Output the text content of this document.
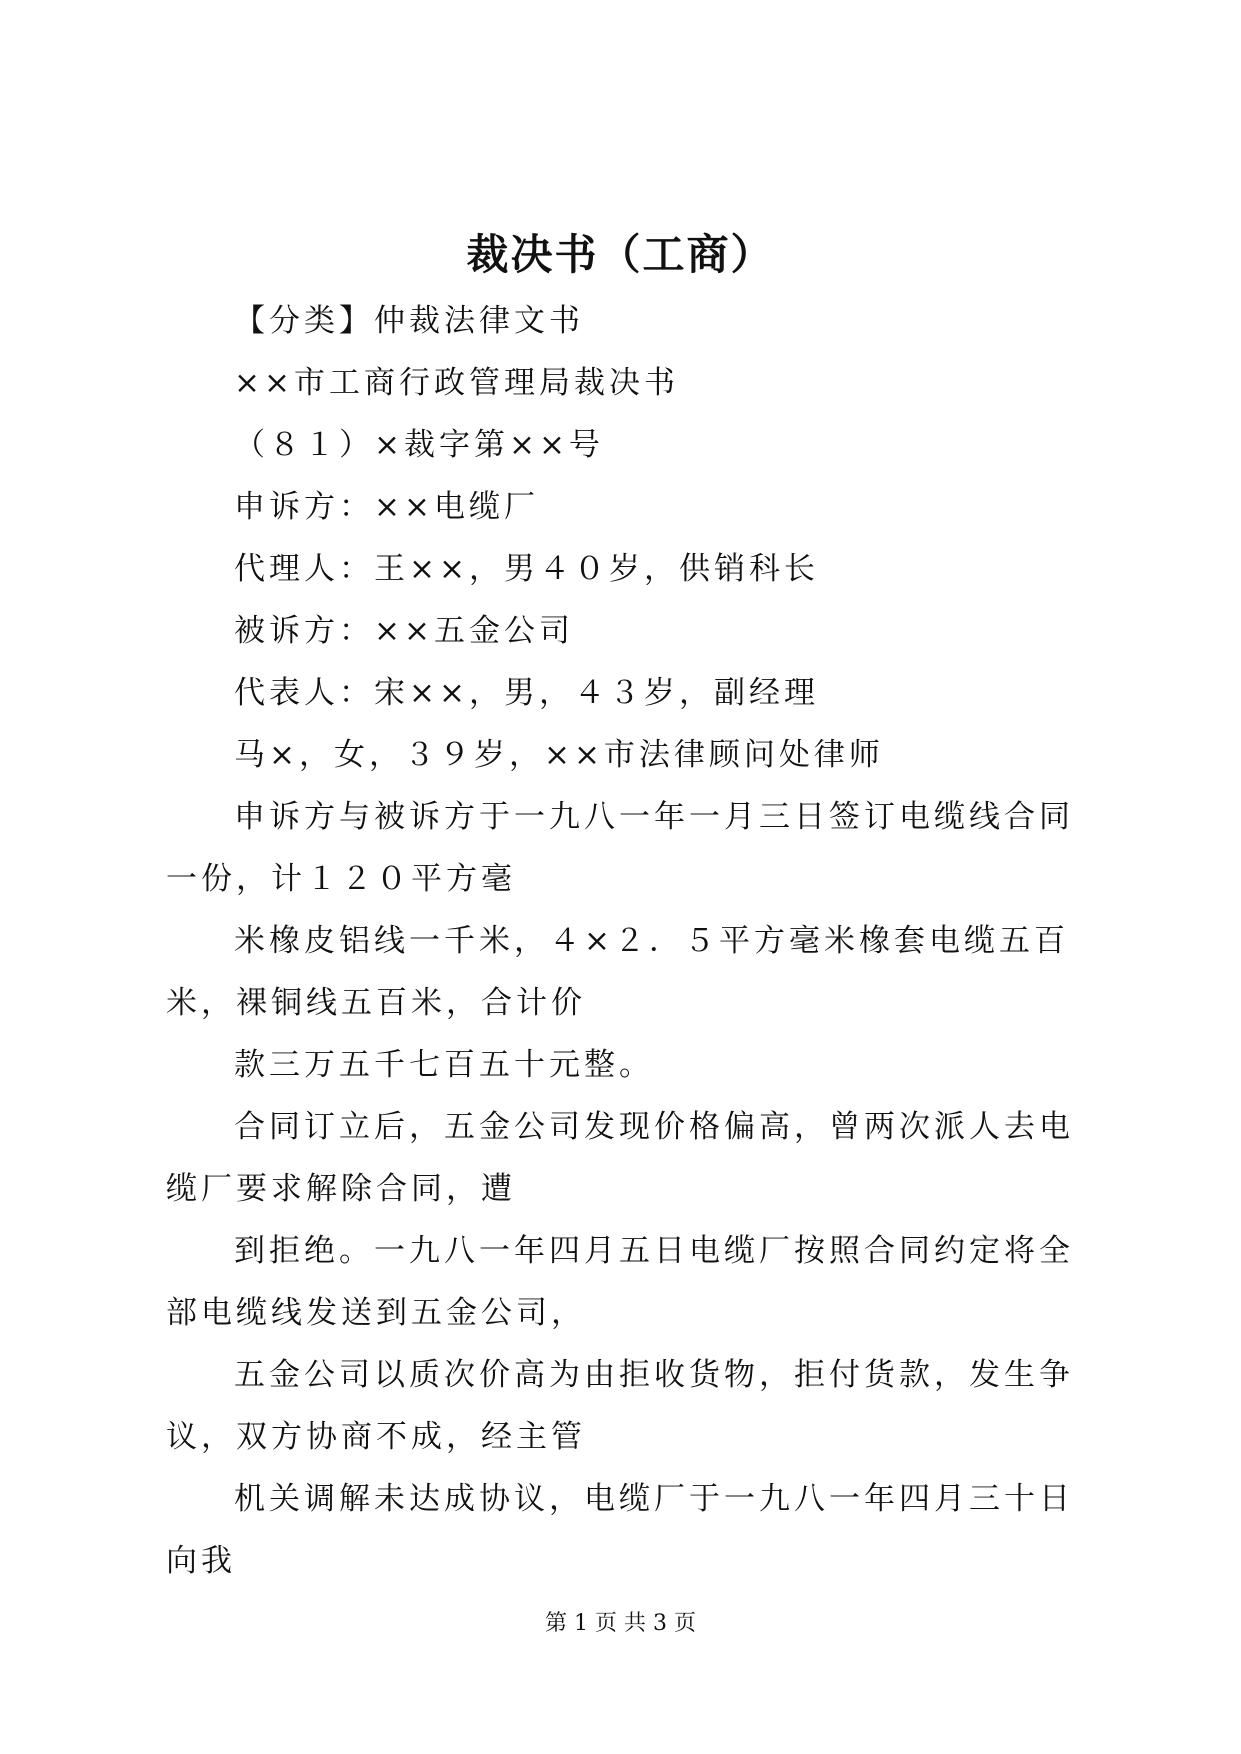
裁决书（工商）

【分类】仲裁法律文书

××市工商行政管理局裁决书

（８１）×裁字第××号

申诉方：××电缆厂

代理人：王××，男４０岁，供销科长

被诉方：××五金公司

代表人：宋××，男，４３岁，副经理

马×，女，３９岁，××市法律顾问处律师

申诉方与被诉方于一九八一年一月三日签订电缆线合同一份，计１２０平方毫

米橡皮铝线一千米，４×２．５平方毫米橡套电缆五百米，裸铜线五百米，合计价

款三万五千七百五十元整。

合同订立后，五金公司发现价格偏高，曾两次派人去电缆厂要求解除合同，遭

到拒绝。一九八一年四月五日电缆厂按照合同约定将全部电缆线发送到五金公司，

五金公司以质次价高为由拒收货物，拒付货款，发生争议，双方协商不成，经主管

机关调解未达成协议，电缆厂于一九八一年四月三十日向我

第 1 页 共 3 页
